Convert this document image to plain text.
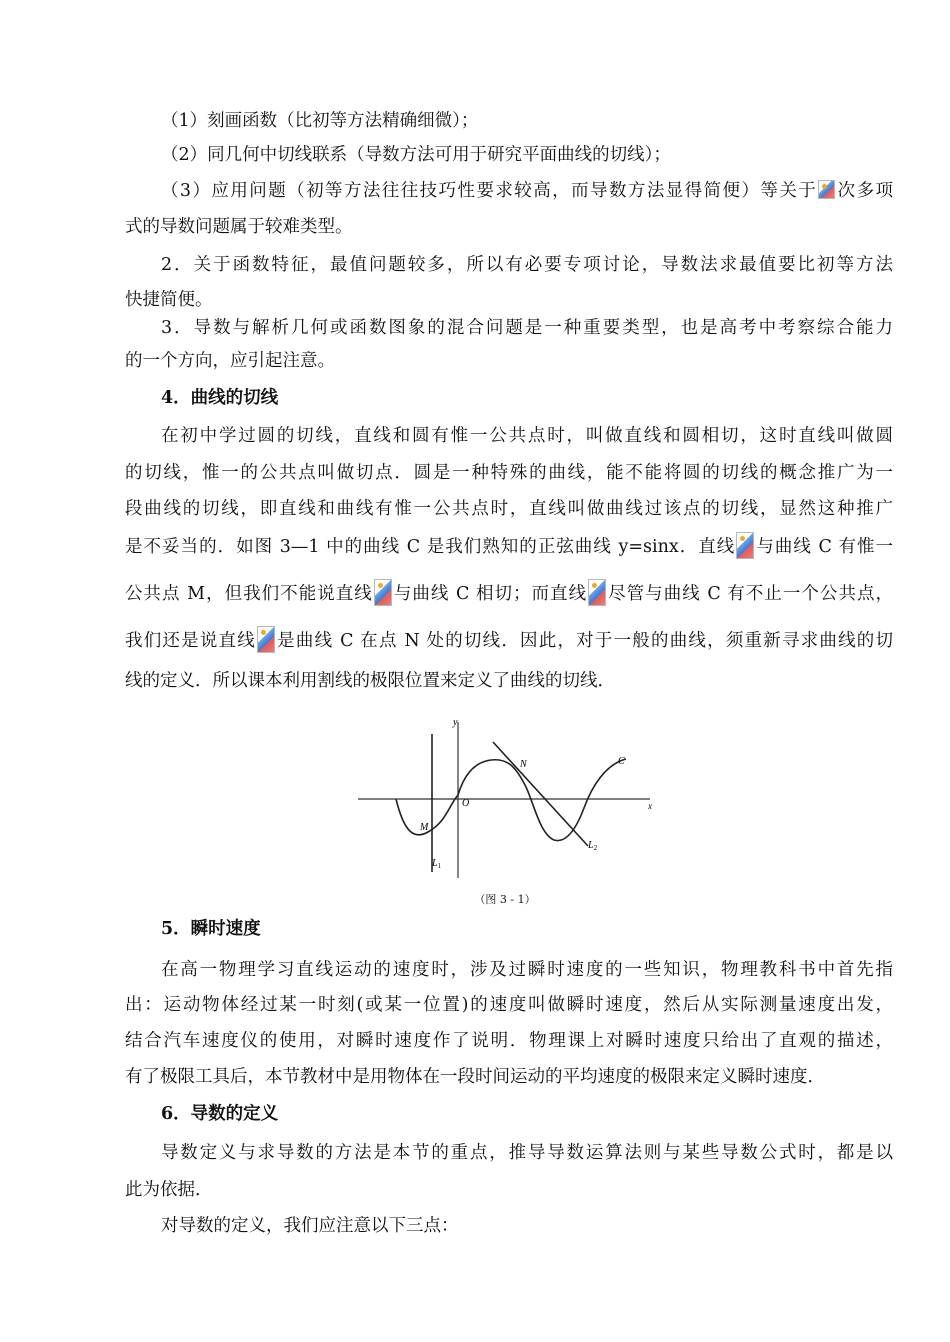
（1）刻画函数（比初等方法精确细微）；
（2）同几何中切线联系（导数方法可用于研究平面曲线的切线）；
（3）应用问题（初等方法往往技巧性要求较高，而导数方法显得简便）等关于 次多项
式的导数问题属于较难类型。
2．关于函数特征，最值问题较多，所以有必要专项讨论，导数法求最值要比初等方法
快捷简便。
3．导数与解析几何或函数图象的混合问题是一种重要类型，也是高考中考察综合能力
的一个方向，应引起注意。
4．曲线的切线
在初中学过圆的切线，直线和圆有惟一公共点时，叫做直线和圆相切，这时直线叫做圆
的切线，惟一的公共点叫做切点．圆是一种特殊的曲线，能不能将圆的切线的概念推广为一
段曲线的切线，即直线和曲线有惟一公共点时，直线叫做曲线过该点的切线，显然这种推广
是不妥当的．如图 3—1 中的曲线 C 是我们熟知的正弦曲线 y=sinx．直线 与曲线 C 有惟一
公共点 M，但我们不能说直线 与曲线 C 相切；而直线 尽管与曲线 C 有不止一个公共点，
我们还是说直线 是曲线 C 在点 N 处的切线．因此，对于一般的曲线，须重新寻求曲线的切
线的定义．所以课本利用割线的极限位置来定义了曲线的切线．
y
x
O
C
N
M
$L_1$
$L_2$
（图 3 - 1）
5．瞬时速度
在高一物理学习直线运动的速度时，涉及过瞬时速度的一些知识，物理教科书中首先指
出：运动物体经过某一时刻(或某一位置)的速度叫做瞬时速度，然后从实际测量速度出发，
结合汽车速度仪的使用，对瞬时速度作了说明．物理课上对瞬时速度只给出了直观的描述，
有了极限工具后，本节教材中是用物体在一段时间运动的平均速度的极限来定义瞬时速度．
6．导数的定义
导数定义与求导数的方法是本节的重点，推导导数运算法则与某些导数公式时，都是以
此为依据．
对导数的定义，我们应注意以下三点：
